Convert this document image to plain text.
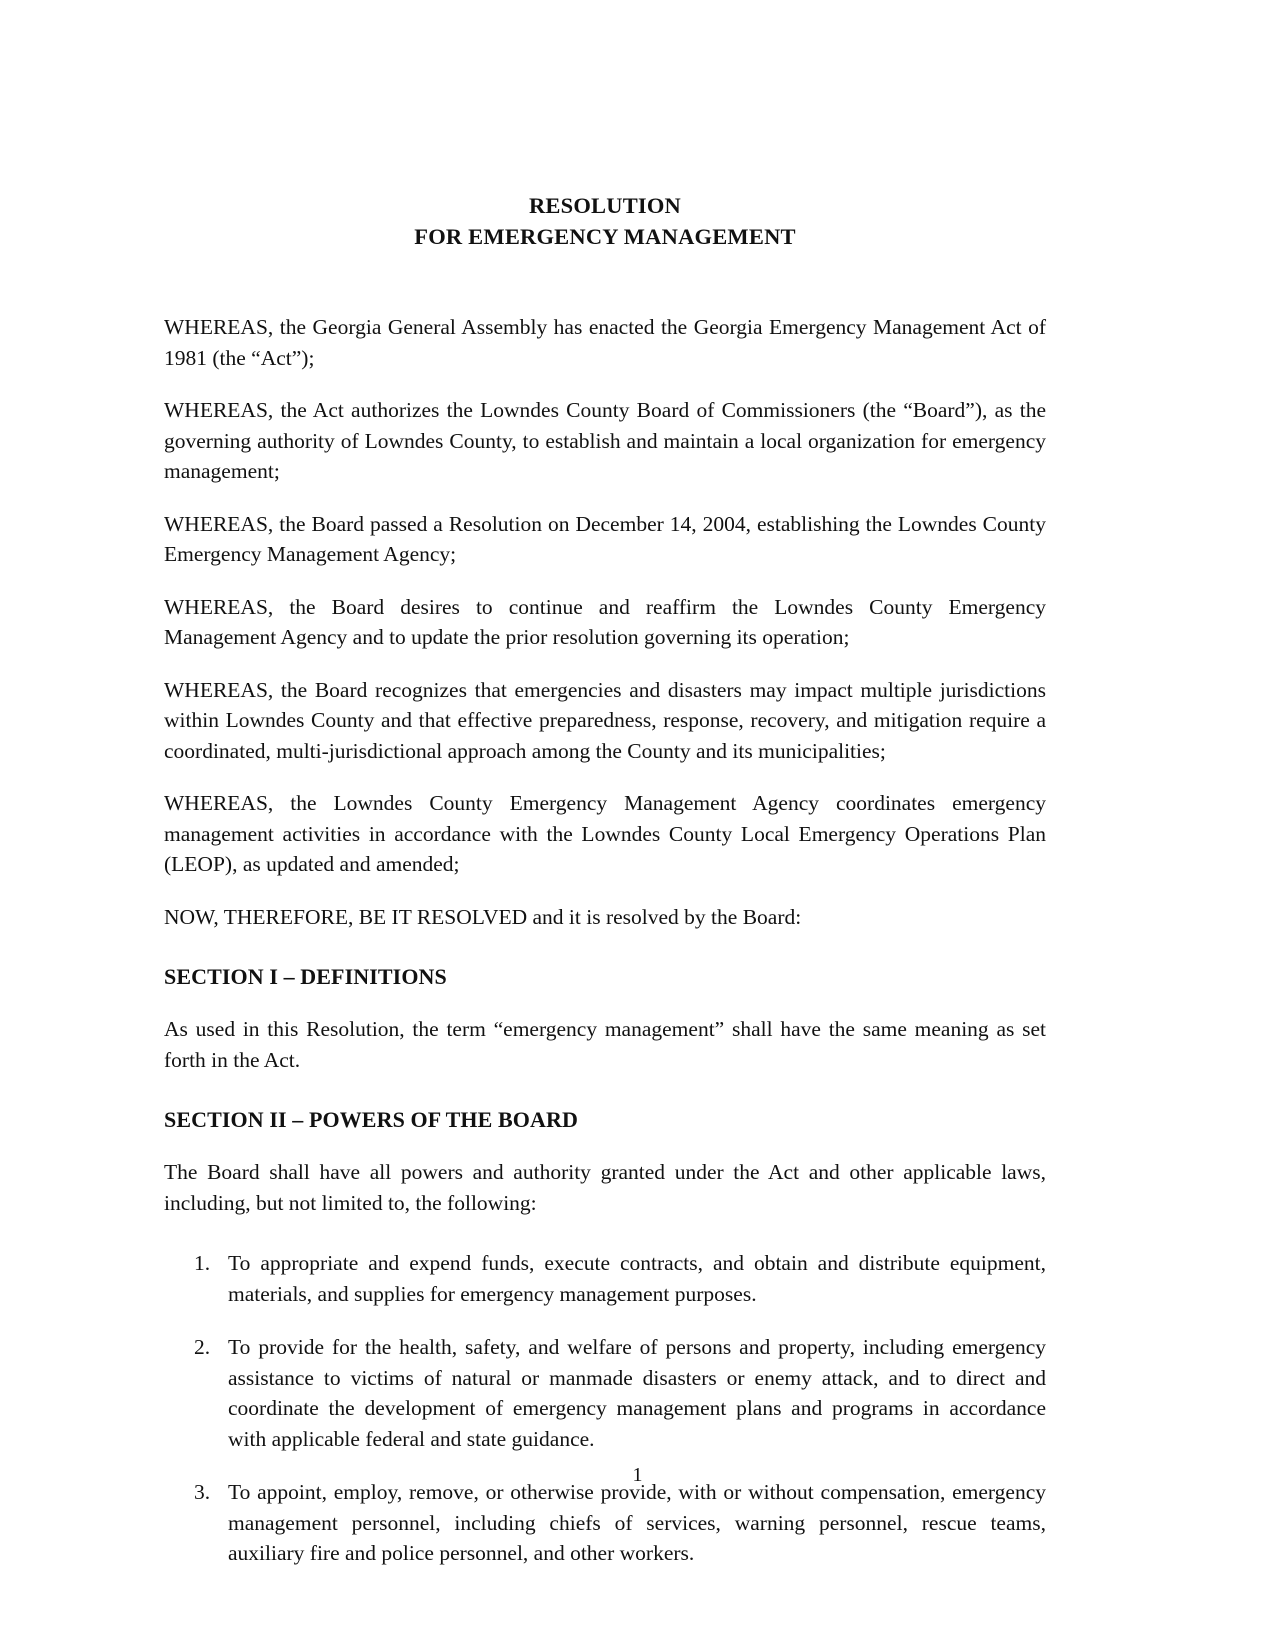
RESOLUTION
FOR EMERGENCY MANAGEMENT

WHEREAS, the Georgia General Assembly has enacted the Georgia Emergency Management Act of 1981 (the “Act”);

WHEREAS, the Act authorizes the Lowndes County Board of Commissioners (the “Board”), as the governing authority of Lowndes County, to establish and maintain a local organization for emergency management;

WHEREAS, the Board passed a Resolution on December 14, 2004, establishing the Lowndes County Emergency Management Agency;

WHEREAS, the Board desires to continue and reaffirm the Lowndes County Emergency Management Agency and to update the prior resolution governing its operation;

WHEREAS, the Board recognizes that emergencies and disasters may impact multiple jurisdictions within Lowndes County and that effective preparedness, response, recovery, and mitigation require a coordinated, multi-jurisdictional approach among the County and its municipalities;

WHEREAS, the Lowndes County Emergency Management Agency coordinates emergency management activities in accordance with the Lowndes County Local Emergency Operations Plan (LEOP), as updated and amended;

NOW, THEREFORE, BE IT RESOLVED and it is resolved by the Board:

SECTION I – DEFINITIONS

As used in this Resolution, the term “emergency management” shall have the same meaning as set forth in the Act.

SECTION II – POWERS OF THE BOARD

The Board shall have all powers and authority granted under the Act and other applicable laws, including, but not limited to, the following:

1. To appropriate and expend funds, execute contracts, and obtain and distribute equipment, materials, and supplies for emergency management purposes.
2. To provide for the health, safety, and welfare of persons and property, including emergency assistance to victims of natural or manmade disasters or enemy attack, and to direct and coordinate the development of emergency management plans and programs in accordance with applicable federal and state guidance.
3. To appoint, employ, remove, or otherwise provide, with or without compensation, emergency management personnel, including chiefs of services, warning personnel, rescue teams, auxiliary fire and police personnel, and other workers.
1
